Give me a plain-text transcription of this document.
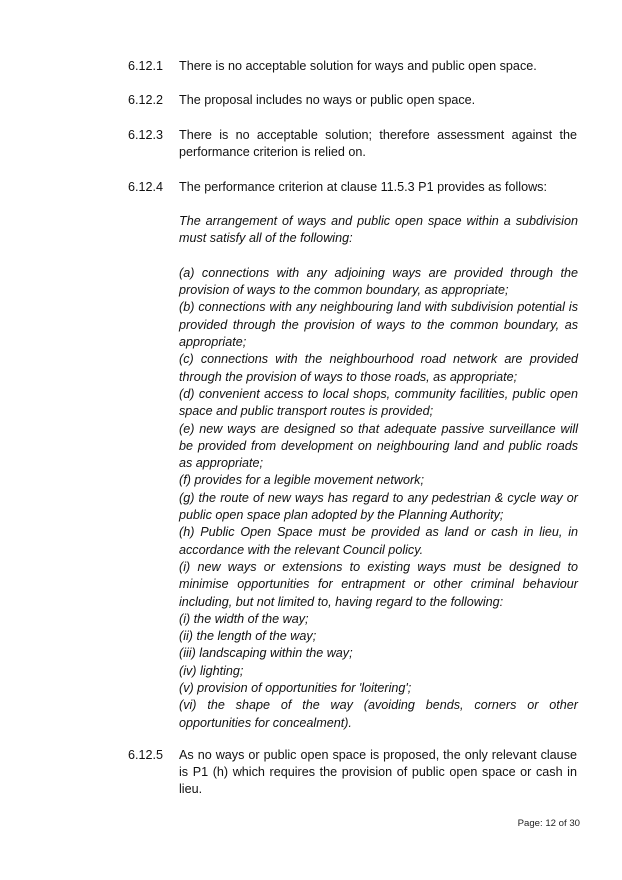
6.12.1	There is no acceptable solution for ways and public open space.
6.12.2	The proposal includes no ways or public open space.
6.12.3	There is no acceptable solution; therefore assessment against the performance criterion is relied on.
6.12.4	The performance criterion at clause 11.5.3 P1 provides as follows:

The arrangement of ways and public open space within a subdivision must satisfy all of the following:

(a) connections with any adjoining ways are provided through the provision of ways to the common boundary, as appropriate;

(b) connections with any neighbouring land with subdivision potential is provided through the provision of ways to the common boundary, as appropriate;

(c) connections with the neighbourhood road network are provided through the provision of ways to those roads, as appropriate;

(d) convenient access to local shops, community facilities, public open space and public transport routes is provided;

(e) new ways are designed so that adequate passive surveillance will be provided from development on neighbouring land and public roads as appropriate;

(f) provides for a legible movement network;

(g) the route of new ways has regard to any pedestrian & cycle way or public open space plan adopted by the Planning Authority;

(h) Public Open Space must be provided as land or cash in lieu, in accordance with the relevant Council policy.

(i) new ways or extensions to existing ways must be designed to minimise opportunities for entrapment or other criminal behaviour including, but not limited to, having regard to the following:

(i) the width of the way;

(ii) the length of the way;

(iii) landscaping within the way;

(iv) lighting;

(v) provision of opportunities for 'loitering';

(vi) the shape of the way (avoiding bends, corners or other opportunities for concealment).

6.12.5	As no ways or public open space is proposed, the only relevant clause is P1 (h) which requires the provision of public open space or cash in lieu.
Page: 12 of 30
